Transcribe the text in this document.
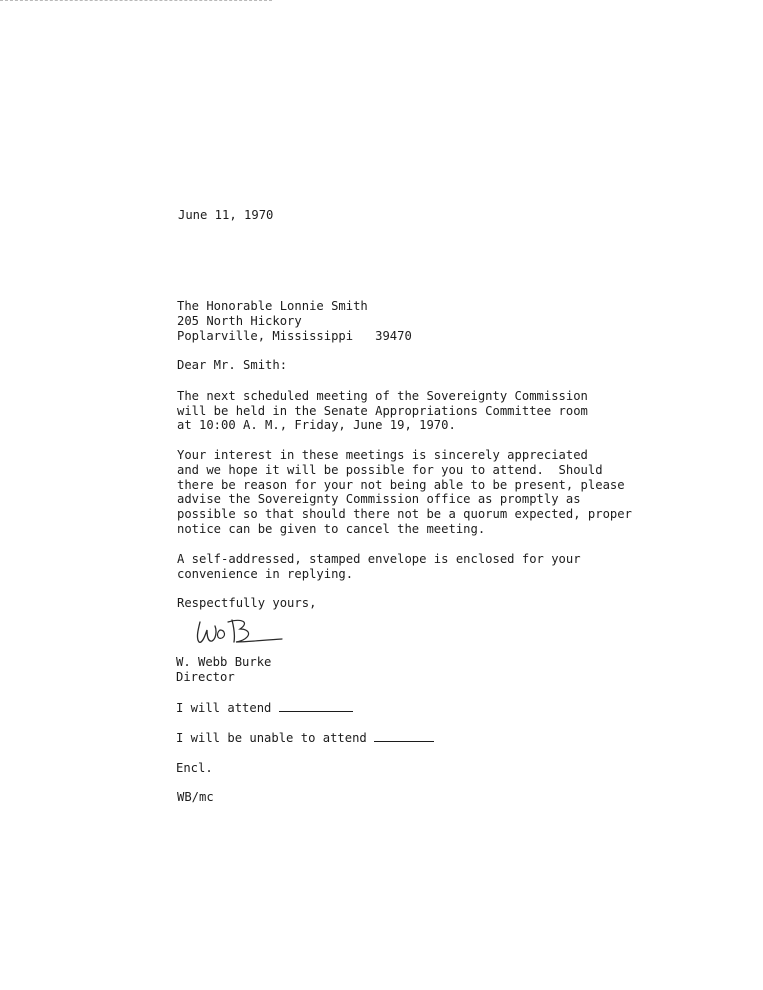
June 11, 1970
The Honorable Lonnie Smith
205 North Hickory
Poplarville, Mississippi   39470
Dear Mr. Smith:
The next scheduled meeting of the Sovereignty Commission
will be held in the Senate Appropriations Committee room
at 10:00 A. M., Friday, June 19, 1970.
Your interest in these meetings is sincerely appreciated
and we hope it will be possible for you to attend.  Should
there be reason for your not being able to be present, please
advise the Sovereignty Commission office as promptly as
possible so that should there not be a quorum expected, proper
notice can be given to cancel the meeting.
A self-addressed, stamped envelope is enclosed for your
convenience in replying.
Respectfully yours,
W. Webb Burke
Director
I will attend
I will be unable to attend
Encl.
WB/mc
